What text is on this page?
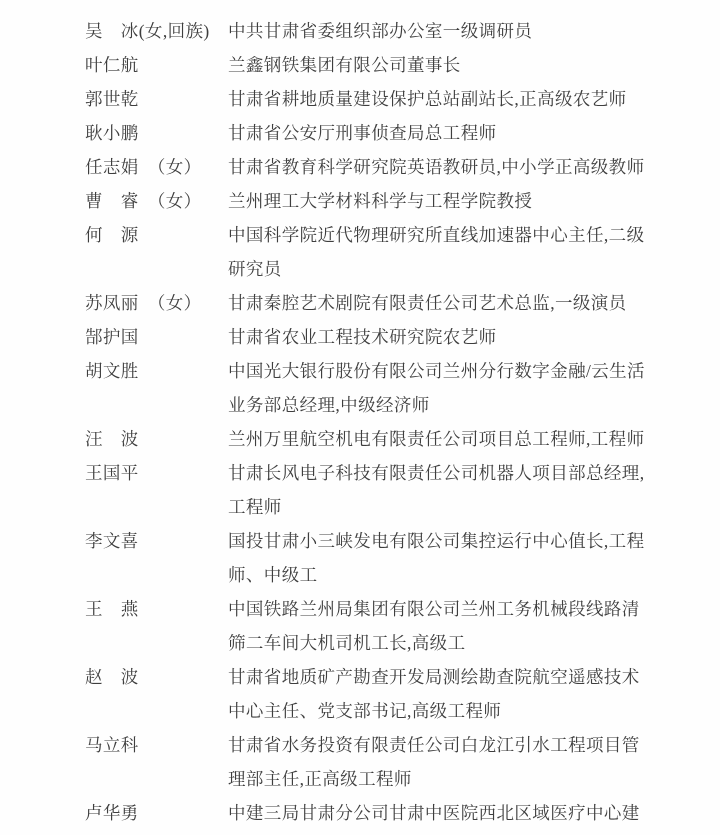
吴　冰(女,回族)	中共甘肃省委组织部办公室一级调研员
叶仁航	兰鑫钢铁集团有限公司董事长
郭世乾	甘肃省耕地质量建设保护总站副站长,正高级农艺师
耿小鹏	甘肃省公安厅刑事侦查局总工程师
任志娟　（女）	甘肃省教育科学研究院英语教研员,中小学正高级教师
曹　睿　（女）	兰州理工大学材料科学与工程学院教授
何　源	中国科学院近代物理研究所直线加速器中心主任,二级
研究员
苏凤丽　（女）	甘肃秦腔艺术剧院有限责任公司艺术总监,一级演员
郜护国	甘肃省农业工程技术研究院农艺师
胡文胜	中国光大银行股份有限公司兰州分行数字金融/云生活
业务部总经理,中级经济师
汪　波	兰州万里航空机电有限责任公司项目总工程师,工程师
王国平	甘肃长风电子科技有限责任公司机器人项目部总经理,
工程师
李文喜	国投甘肃小三峡发电有限公司集控运行中心值长,工程
师、中级工
王　燕	中国铁路兰州局集团有限公司兰州工务机械段线路清
筛二车间大机司机工长,高级工
赵　波	甘肃省地质矿产勘查开发局测绘勘查院航空遥感技术
中心主任、党支部书记,高级工程师
马立科	甘肃省水务投资有限责任公司白龙江引水工程项目管
理部主任,正高级工程师
卢华勇	中建三局甘肃分公司甘肃中医院西北区域医疗中心建
